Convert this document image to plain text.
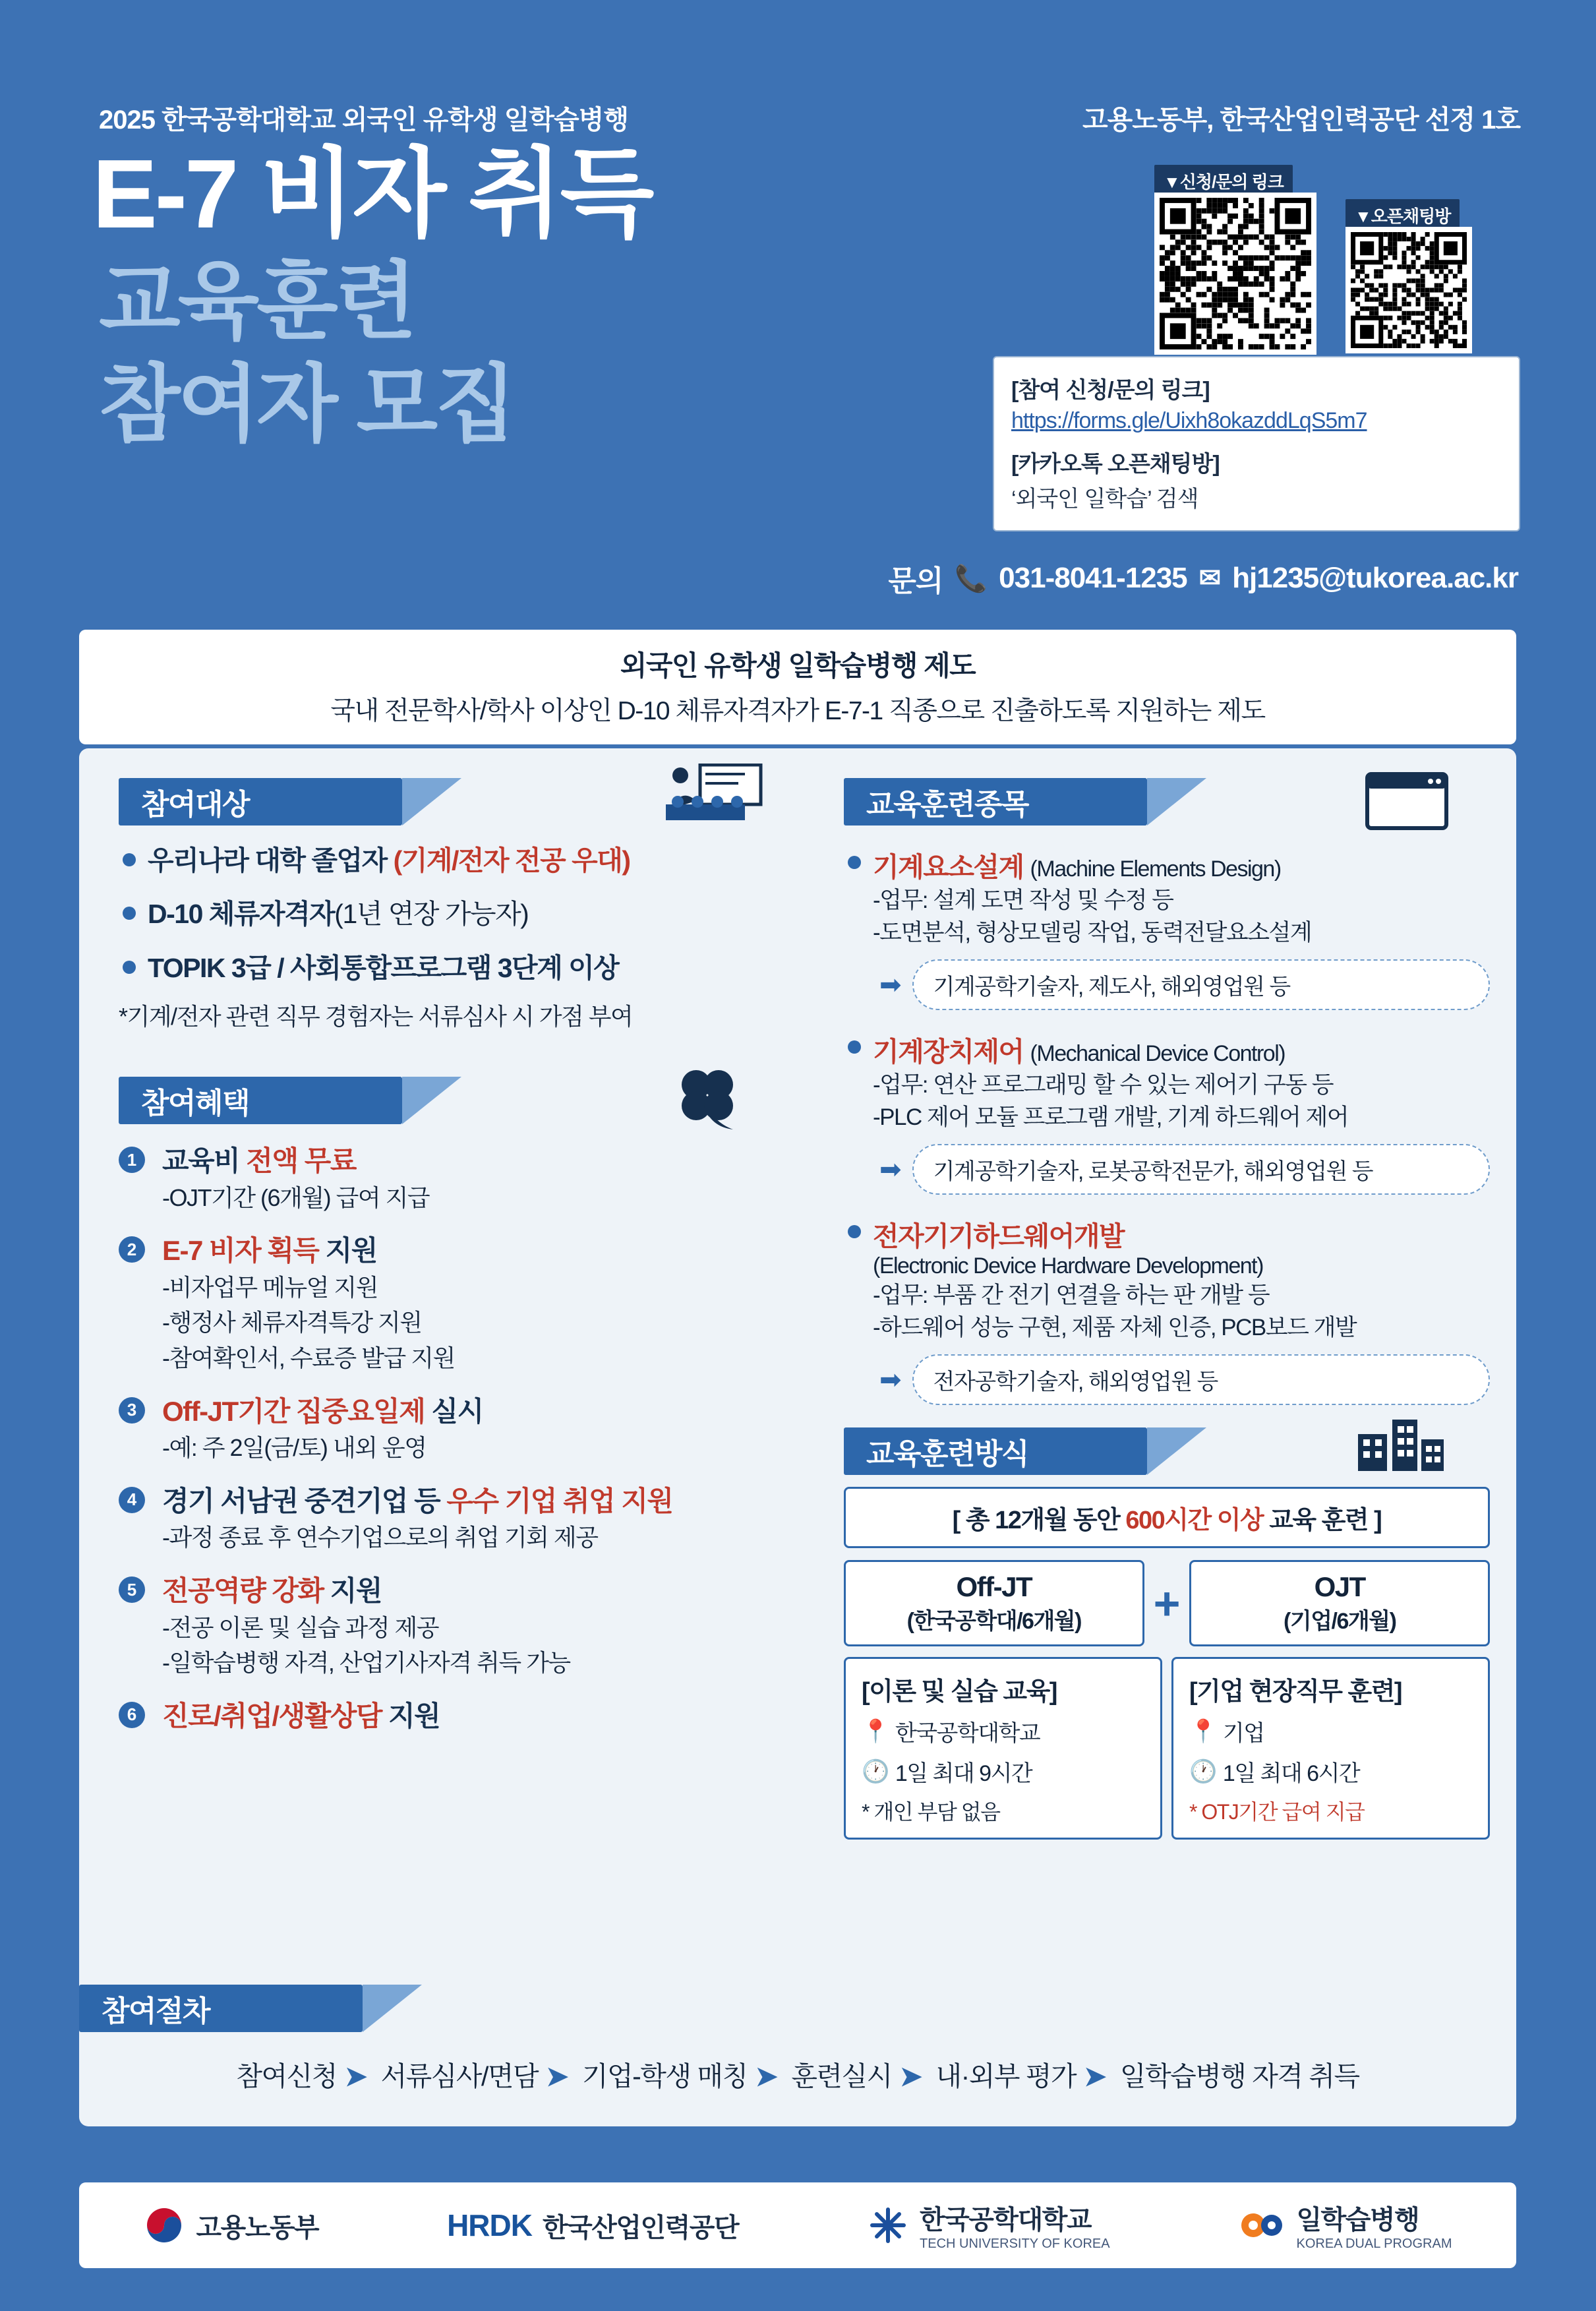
2025 한국공학대학교 외국인 유학생 일학습병행	고용노동부, 한국산업인력공단 선정 1호
E-7 비자 취득
교육훈련
참여자 모집
▼신청/문의 링크
▼오픈채팅방
[참여 신청/문의 링크]
https://forms.gle/Uixh8okazddLqS5m7
[카카오톡 오픈채팅방]
‘외국인 일학습’ 검색
문의 📞 031-8041-1235 ✉ hj1235@tukorea.ac.kr
외국인 유학생 일학습병행 제도
국내 전문학사/학사 이상인 D-10 체류자격자가 E-7-1 직종으로 진출하도록 지원하는 제도
참여대상
우리나라 대학 졸업자 (기계/전자 전공 우대)
D-10 체류자격자(1년 연장 가능자)
TOPIK 3급 / 사회통합프로그램 3단계 이상
*기계/전자 관련 직무 경험자는 서류심사 시 가점 부여
참여혜택
1 교육비 전액 무료
-OJT기간 (6개월) 급여 지급
2 E-7 비자 획득 지원
-비자업무 메뉴얼 지원
-행정사 체류자격특강 지원
-참여확인서, 수료증 발급 지원
3 Off-JT기간 집중요일제 실시
-예: 주 2일(금/토) 내외 운영
4 경기 서남권 중견기업 등 우수 기업 취업 지원
-과정 종료 후 연수기업으로의 취업 기회 제공
5 전공역량 강화 지원
-전공 이론 및 실습 과정 제공
-일학습병행 자격, 산업기사자격 취득 가능
6 진로/취업/생활상담 지원
교육훈련종목
기계요소설계 (Machine Elements Design)
-업무: 설계 도면 작성 및 수정 등
-도면분석, 형상모델링 작업, 동력전달요소설계
➡	기계공학기술자, 제도사, 해외영업원 등
기계장치제어 (Mechanical Device Control)
-업무: 연산 프로그래밍 할 수 있는 제어기 구동 등
-PLC 제어 모듈 프로그램 개발, 기계 하드웨어 제어
➡	기계공학기술자, 로봇공학전문가, 해외영업원 등
전자기기하드웨어개발
(Electronic Device Hardware Development)
-업무: 부품 간 전기 연결을 하는 판 개발 등
-하드웨어 성능 구현, 제품 자체 인증, PCB보드 개발
➡	전자공학기술자, 해외영업원 등
교육훈련방식
[ 총 12개월 동안 600시간 이상 교육 훈련 ]
Off-JT
(한국공학대/6개월)	+	OJT
(기업/6개월)
[이론 및 실습 교육]
📍 한국공학대학교
🕐 1일 최대 9시간
* 개인 부담 없음
[기업 현장직무 훈련]
📍 기업
🕐 1일 최대 6시간
* OTJ기간 급여 지급
참여절차
참여신청 ➤ 서류심사/면담 ➤ 기업-학생 매칭 ➤ 훈련실시 ➤ 내·외부 평가 ➤ 일학습병행 자격 취득
고용노동부	HRDK 한국산업인력공단	한국공학대학교
TECH UNIVERSITY OF KOREA
일학습병행
KOREA DUAL PROGRAM
